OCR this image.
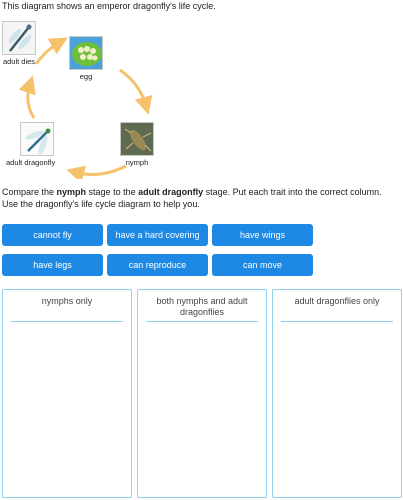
This diagram shows an emperor dragonfly's life cycle.
adult dies
egg
nymph
adult dragonfly
Compare the nymph stage to the adult dragonfly stage. Put each trait into the correct column. Use the dragonfly's life cycle diagram to help you.
cannot fly	have a hard covering	have wings
have legs	can reproduce	can move
nymphs only	both nymphs and adult dragonflies
adult dragonflies only
